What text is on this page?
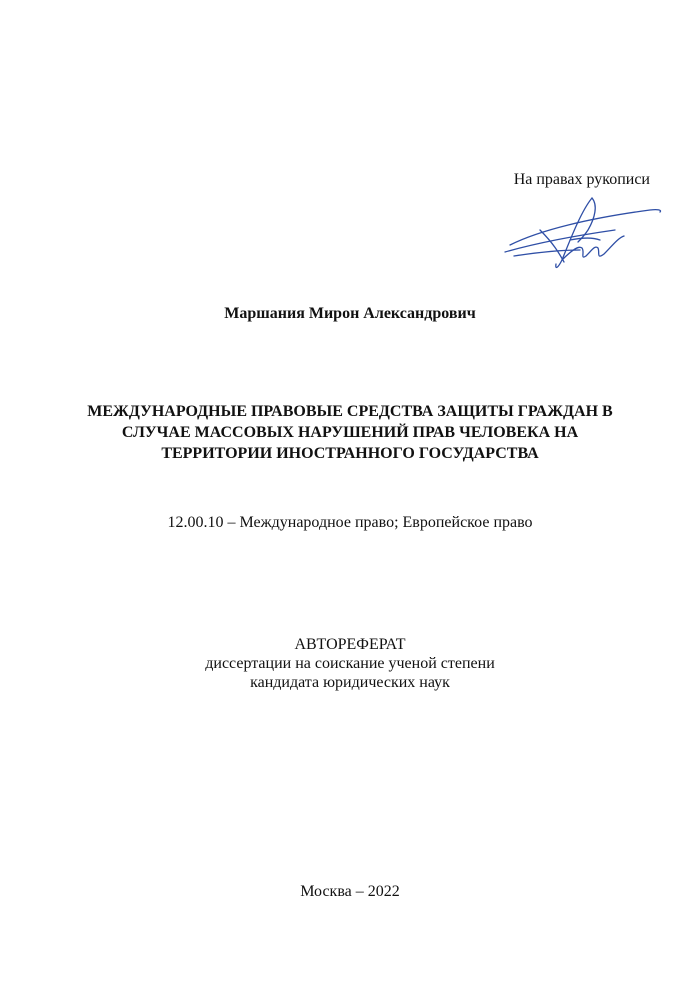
На правах рукописи
Маршания Мирон Александрович
МЕЖДУНАРОДНЫЕ ПРАВОВЫЕ СРЕДСТВА ЗАЩИТЫ ГРАЖДАН В
СЛУЧАЕ МАССОВЫХ НАРУШЕНИЙ ПРАВ ЧЕЛОВЕКА НА
ТЕРРИТОРИИ ИНОСТРАННОГО ГОСУДАРСТВА
12.00.10 – Международное право; Европейское право
АВТОРЕФЕРАТ
диссертации на соискание ученой степени
кандидата юридических наук
Москва – 2022
